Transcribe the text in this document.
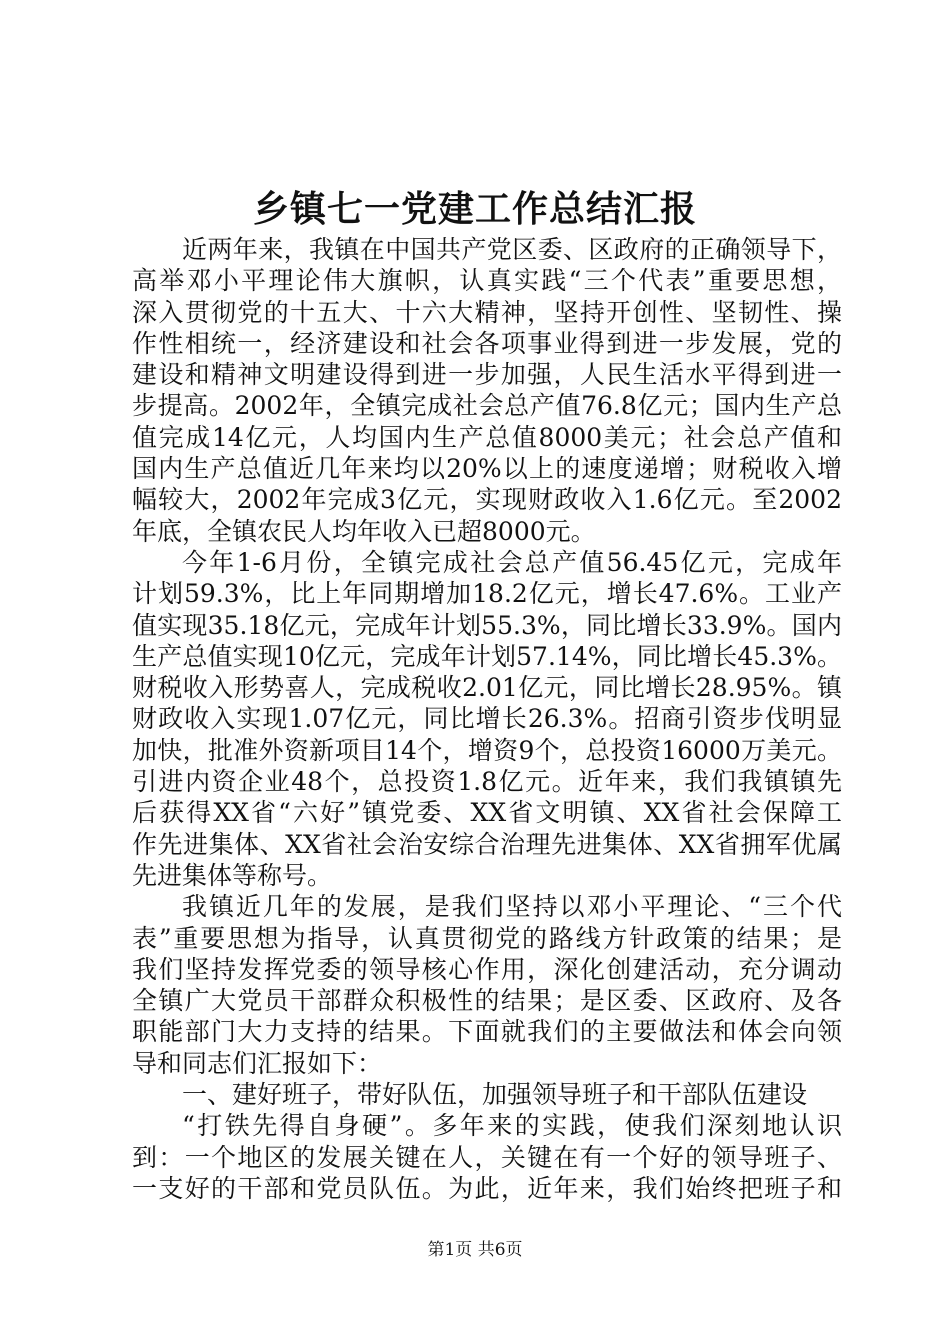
乡镇七一党建工作总结汇报
近两年来，我镇在中国共产党区委、区政府的正确领导下，
高举邓小平理论伟大旗帜，认真实践“三个代表”重要思想，
深入贯彻党的十五大、十六大精神，坚持开创性、坚韧性、操
作性相统一，经济建设和社会各项事业得到进一步发展，党的
建设和精神文明建设得到进一步加强，人民生活水平得到进一
步提高。2002年，全镇完成社会总产值76.8亿元；国内生产总
值完成14亿元，人均国内生产总值8000美元；社会总产值和
国内生产总值近几年来均以20%以上的速度递增；财税收入增
幅较大，2002年完成3亿元，实现财政收入1.6亿元。至2002
年底，全镇农民人均年收入已超8000元。
今年1-6月份，全镇完成社会总产值56.45亿元，完成年
计划59.3%，比上年同期增加18.2亿元，增长47.6%。工业产
值实现35.18亿元，完成年计划55.3%，同比增长33.9%。国内
生产总值实现10亿元，完成年计划57.14%，同比增长45.3%。
财税收入形势喜人，完成税收2.01亿元，同比增长28.95%。镇
财政收入实现1.07亿元，同比增长26.3%。招商引资步伐明显
加快，批准外资新项目14个，增资9个，总投资16000万美元。
引进内资企业48个，总投资1.8亿元。近年来，我们我镇镇先
后获得XX省“六好”镇党委、XX省文明镇、XX省社会保障工
作先进集体、XX省社会治安综合治理先进集体、XX省拥军优属
先进集体等称号。
我镇近几年的发展，是我们坚持以邓小平理论、“三个代
表”重要思想为指导，认真贯彻党的路线方针政策的结果；是
我们坚持发挥党委的领导核心作用，深化创建活动，充分调动
全镇广大党员干部群众积极性的结果；是区委、区政府、及各
职能部门大力支持的结果。下面就我们的主要做法和体会向领
导和同志们汇报如下：
一、建好班子，带好队伍，加强领导班子和干部队伍建设
“打铁先得自身硬”。多年来的实践，使我们深刻地认识
到：一个地区的发展关键在人，关键在有一个好的领导班子、
一支好的干部和党员队伍。为此，近年来，我们始终把班子和
第1页 共6页
